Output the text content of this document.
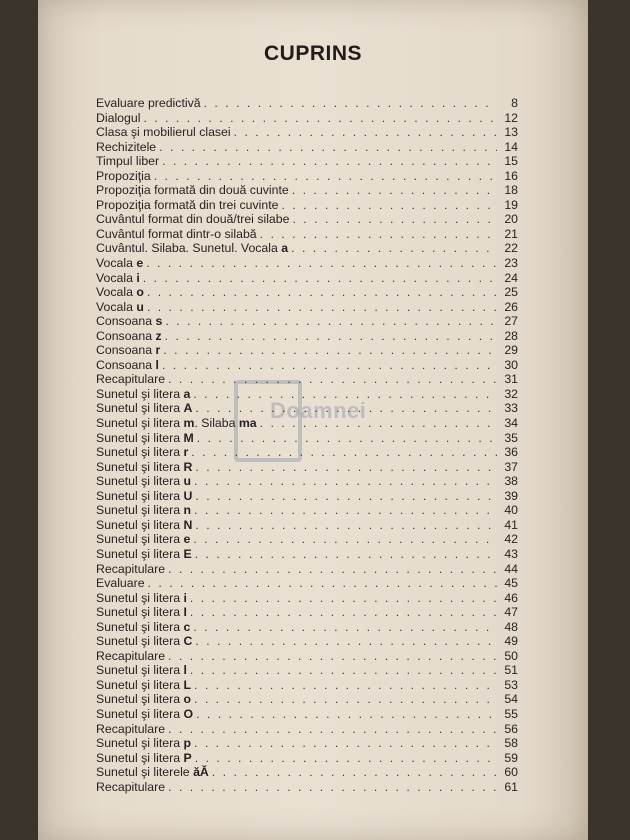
CUPRINS
Doamnei
Evaluare predictivă . . .	8
Dialogul . . .	12
Clasa şi mobilierul clasei . . .	13
Rechizitele . . .	14
Timpul liber . . .	15
Propoziţia . . .	16
Propoziţia formată din două cuvinte . . .	18
Propoziţia formată din trei cuvinte . . .	19
Cuvântul format din două/trei silabe . . .	20
Cuvântul format dintr-o silabă . . .	21
Cuvântul. Silaba. Sunetul. Vocala a . . .	22
Vocala e . . .	23
Vocala i . . .	24
Vocala o . . .	25
Vocala u . . .	26
Consoana s . . .	27
Consoana z . . .	28
Consoana r . . .	29
Consoana l . . .	30
Recapitulare . . .	31
Sunetul şi litera a . . .	32
Sunetul şi litera A . . .	33
Sunetul şi litera m. Silaba ma . . .	34
Sunetul şi litera M . . .	35
Sunetul şi litera r . . .	36
Sunetul şi litera R . . .	37
Sunetul şi litera u . . .	38
Sunetul şi litera U . . .	39
Sunetul şi litera n . . .	40
Sunetul şi litera N . . .	41
Sunetul şi litera e . . .	42
Sunetul şi litera E . . .	43
Recapitulare . . .	44
Evaluare . . .	45
Sunetul şi litera i . . .	46
Sunetul şi litera I . . .	47
Sunetul şi litera c . . .	48
Sunetul şi litera C . . .	49
Recapitulare . . .	50
Sunetul şi litera l . . .	51
Sunetul şi litera L . . .	53
Sunetul şi litera o . . .	54
Sunetul şi litera O . . .	55
Recapitulare . . .	56
Sunetul şi litera p . . .	58
Sunetul şi litera P . . .	59
Sunetul şi literele ăĂ . . .	60
Recapitulare . . .	61
